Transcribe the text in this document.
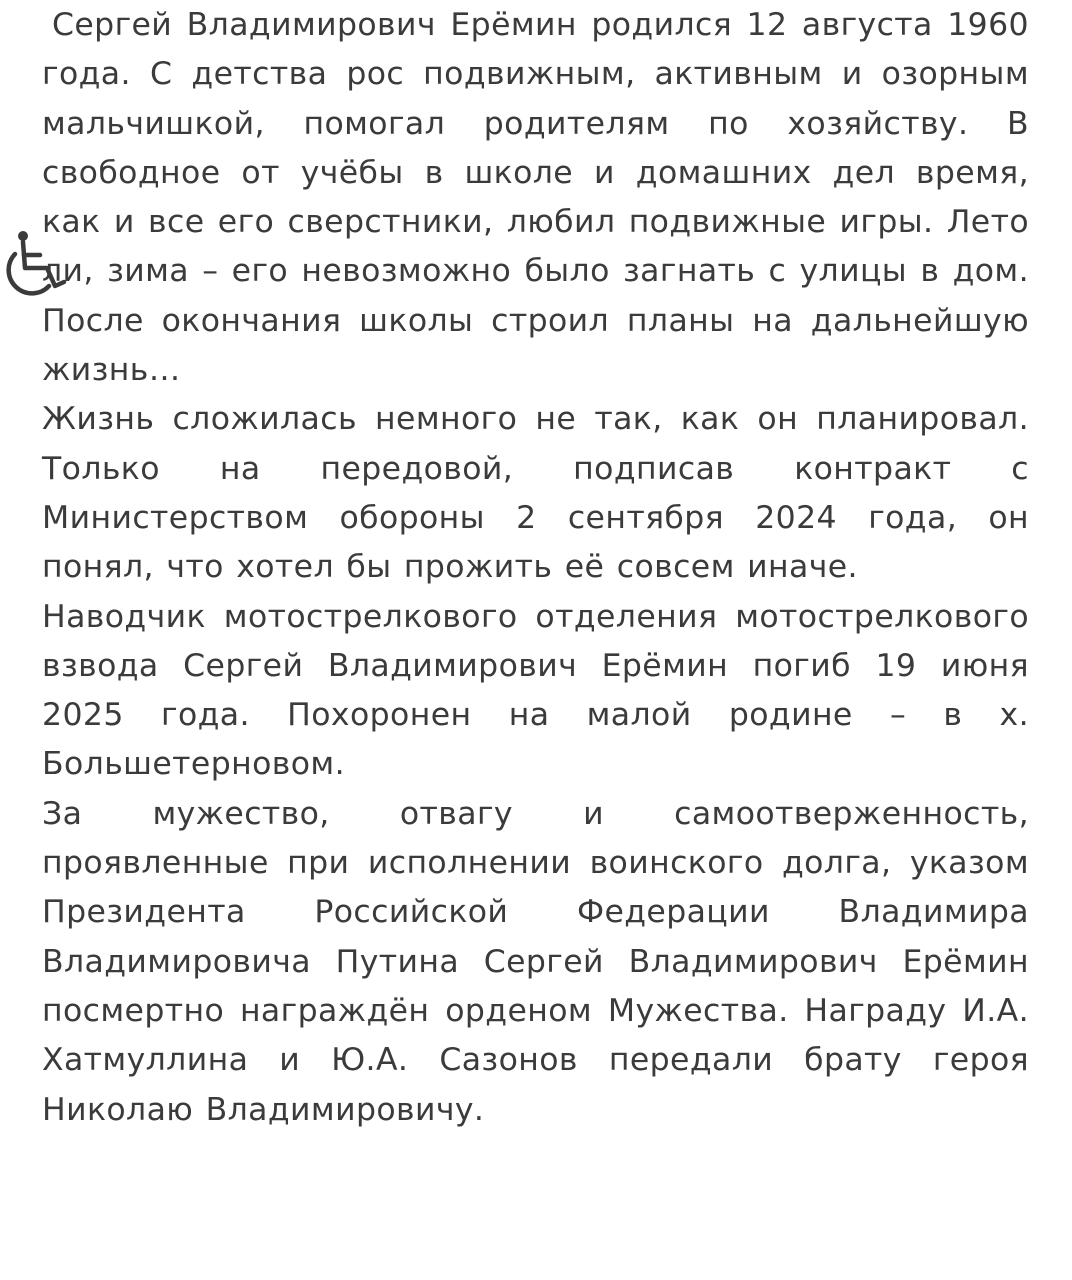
Сергей Владимирович Ерёмин родился 12 августа 1960 года. С детства рос подвижным, активным и озорным мальчишкой, помогал родителям по хозяйству. В свободное от учёбы в школе и домашних дел время, как и все его сверстники, любил подвижные игры. Лето ли, зима – его невозможно было загнать с улицы в дом. После окончания школы строил планы на дальнейшую жизнь…

Жизнь сложилась немного не так, как он планировал. Только на передовой, подписав контракт с Министерством обороны 2 сентября 2024 года, он понял, что хотел бы прожить её совсем иначе.

Наводчик мотострелкового отделения мотострелкового взвода Сергей Владимирович Ерёмин погиб 19 июня 2025 года. Похоронен на малой родине – в х. Большетерновом.

За мужество, отвагу и самоотверженность, проявленные при исполнении воинского долга, указом Президента Российской Федерации Владимира Владимировича Путина Сергей Владимирович Ерёмин посмертно награждён орденом Мужества. Награду И.А. Хатмуллина и Ю.А. Сазонов передали брату героя Николаю Владимировичу.
